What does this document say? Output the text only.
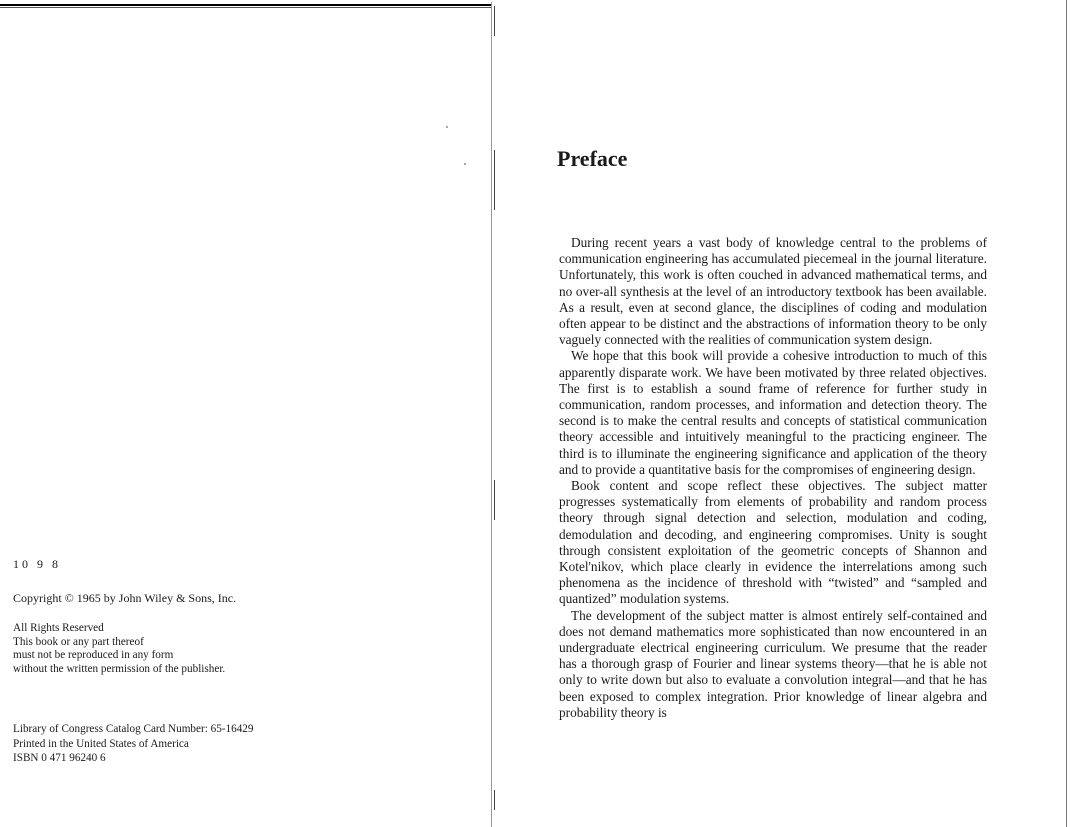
10 9 8
Copyright © 1965 by John Wiley & Sons, Inc.
All Rights Reserved
This book or any part thereof
must not be reproduced in any form
without the written permission of the publisher.
Library of Congress Catalog Card Number: 65-16429
Printed in the United States of America
ISBN 0 471 96240 6
Preface

During recent years a vast body of knowledge central to the problems of communication engineering has accumulated piecemeal in the journal literature. Unfortunately, this work is often couched in advanced mathematical terms, and no over-all synthesis at the level of an introductory textbook has been available. As a result, even at second glance, the disciplines of coding and modulation often appear to be distinct and the abstractions of information theory to be only vaguely connected with the realities of communication system design.

We hope that this book will provide a cohesive introduction to much of this apparently disparate work. We have been motivated by three related objectives. The first is to establish a sound frame of reference for further study in communication, random processes, and information and detection theory. The second is to make the central results and concepts of statistical communication theory accessible and intuitively meaningful to the practicing engineer. The third is to illuminate the engineering significance and application of the theory and to provide a quantitative basis for the compromises of engineering design.

Book content and scope reflect these objectives. The subject matter progresses systematically from elements of probability and random process theory through signal detection and selection, modulation and coding, demodulation and decoding, and engineering compromises. Unity is sought through consistent exploitation of the geometric concepts of Shannon and Kotel'nikov, which place clearly in evidence the interrelations among such phenomena as the incidence of threshold with “twisted” and “sampled and quantized” modulation systems.

The development of the subject matter is almost entirely self-contained and does not demand mathematics more sophisticated than now encountered in an undergraduate electrical engineering curriculum. We presume that the reader has a thorough grasp of Fourier and linear systems theory—that he is able not only to write down but also to evaluate a convolution integral—and that he has been exposed to complex integration. Prior knowledge of linear algebra and probability theory is
